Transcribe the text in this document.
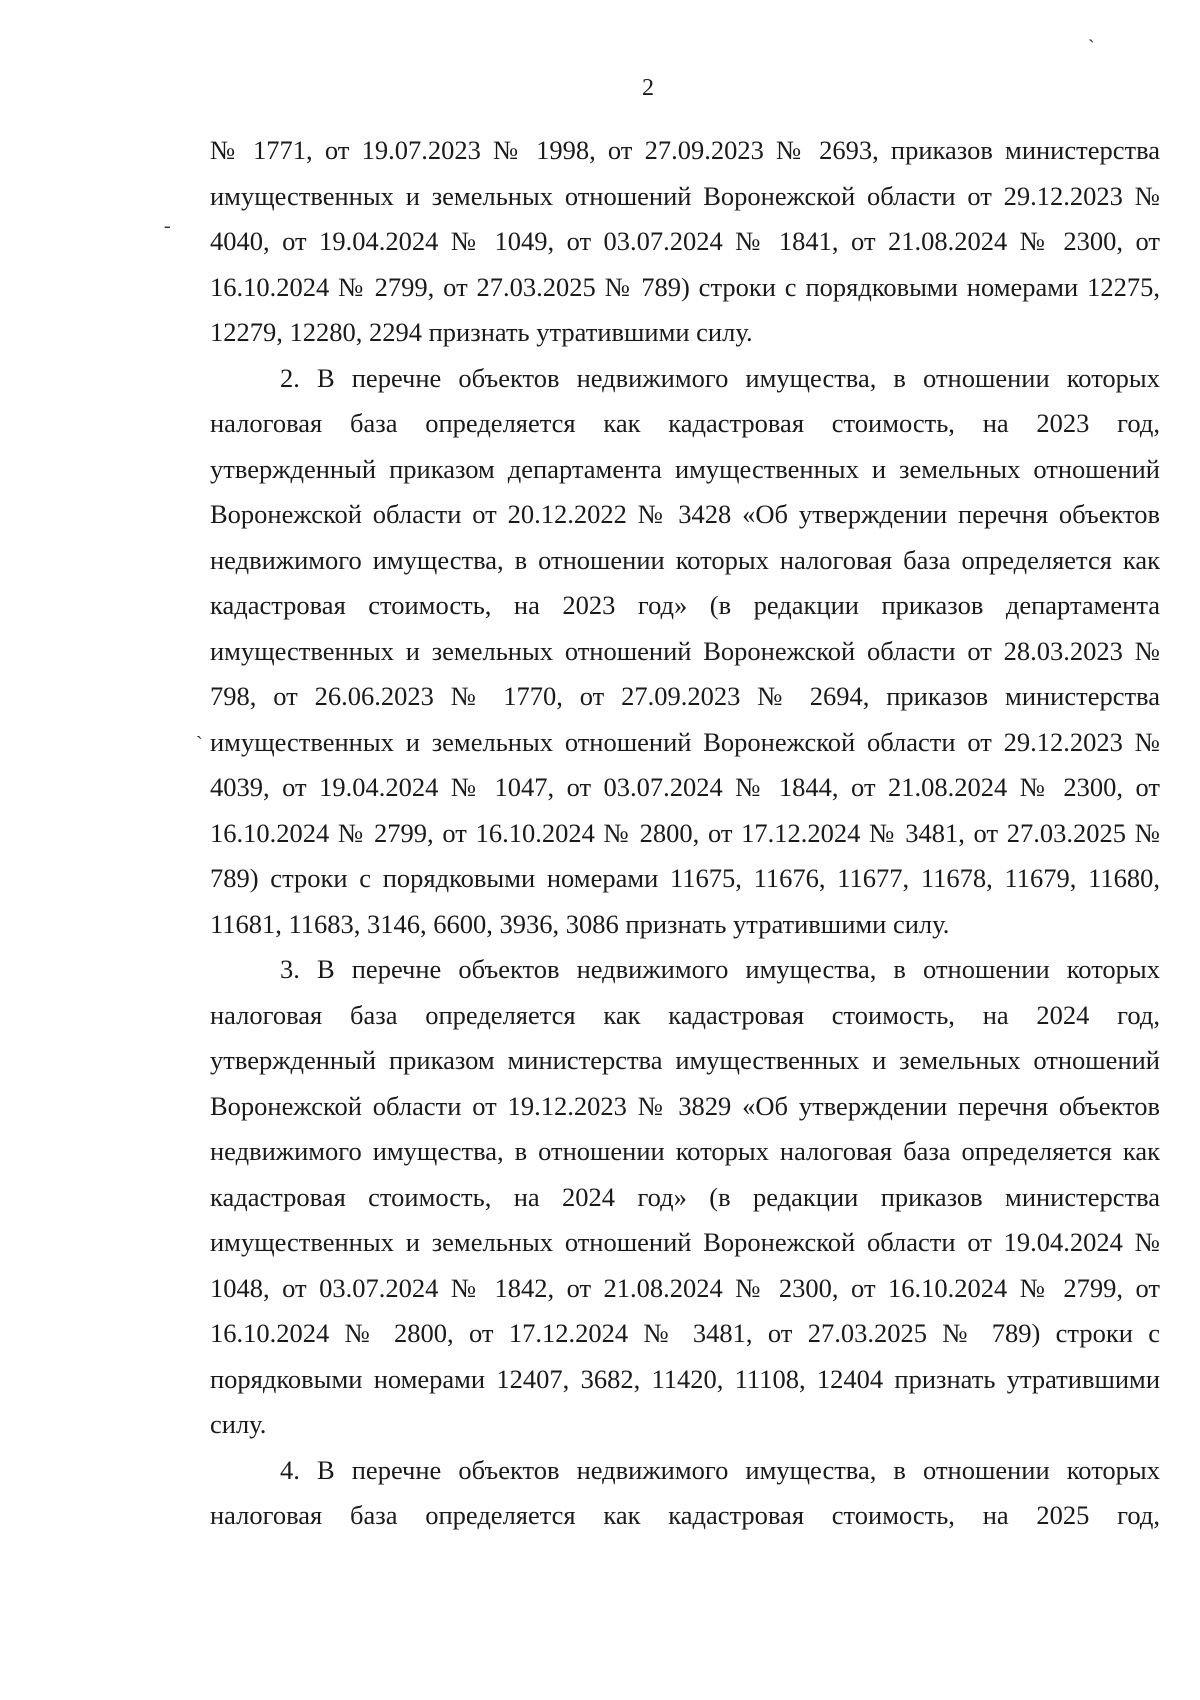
ˏ
-
ˋ
2

№ 1771, от 19.07.2023 № 1998, от 27.09.2023 № 2693, приказов министерства имущественных и земельных отношений Воронежской области от 29.12.2023 № 4040, от 19.04.2024 № 1049, от 03.07.2024 № 1841, от 21.08.2024 № 2300, от 16.10.2024 № 2799, от 27.03.2025 № 789) строки с порядковыми номерами 12275, 12279, 12280, 2294 признать утратившими силу.

2. В перечне объектов недвижимого имущества, в отношении которых налоговая база определяется как кадастровая стоимость, на 2023 год, утвержденный приказом департамента имущественных и земельных отношений Воронежской области от 20.12.2022 № 3428 «Об утверждении перечня объектов недвижимого имущества, в отношении которых налоговая база определяется как кадастровая стоимость, на 2023 год» (в редакции приказов департамента имущественных и земельных отношений Воронежской области от 28.03.2023 № 798, от 26.06.2023 № 1770, от 27.09.2023 № 2694, приказов министерства имущественных и земельных отношений Воронежской области от 29.12.2023 № 4039, от 19.04.2024 № 1047, от 03.07.2024 № 1844, от 21.08.2024 № 2300, от 16.10.2024 № 2799, от 16.10.2024 № 2800, от 17.12.2024 № 3481, от 27.03.2025 № 789) строки с порядковыми номерами 11675, 11676, 11677, 11678, 11679, 11680, 11681, 11683, 3146, 6600, 3936, 3086 признать утратившими силу.

3. В перечне объектов недвижимого имущества, в отношении которых налоговая база определяется как кадастровая стоимость, на 2024 год, утвержденный приказом министерства имущественных и земельных отношений Воронежской области от 19.12.2023 № 3829 «Об утверждении перечня объектов недвижимого имущества, в отношении которых налоговая база определяется как кадастровая стоимость, на 2024 год» (в редакции приказов министерства имущественных и земельных отношений Воронежской области от 19.04.2024 № 1048, от 03.07.2024 № 1842, от 21.08.2024 № 2300, от 16.10.2024 № 2799, от 16.10.2024 № 2800, от 17.12.2024 № 3481, от 27.03.2025 № 789) строки с порядковыми номерами 12407, 3682, 11420, 11108, 12404 признать утратившими силу.

4. В перечне объектов недвижимого имущества, в отношении которых налоговая база определяется как кадастровая стоимость, на 2025 год,
